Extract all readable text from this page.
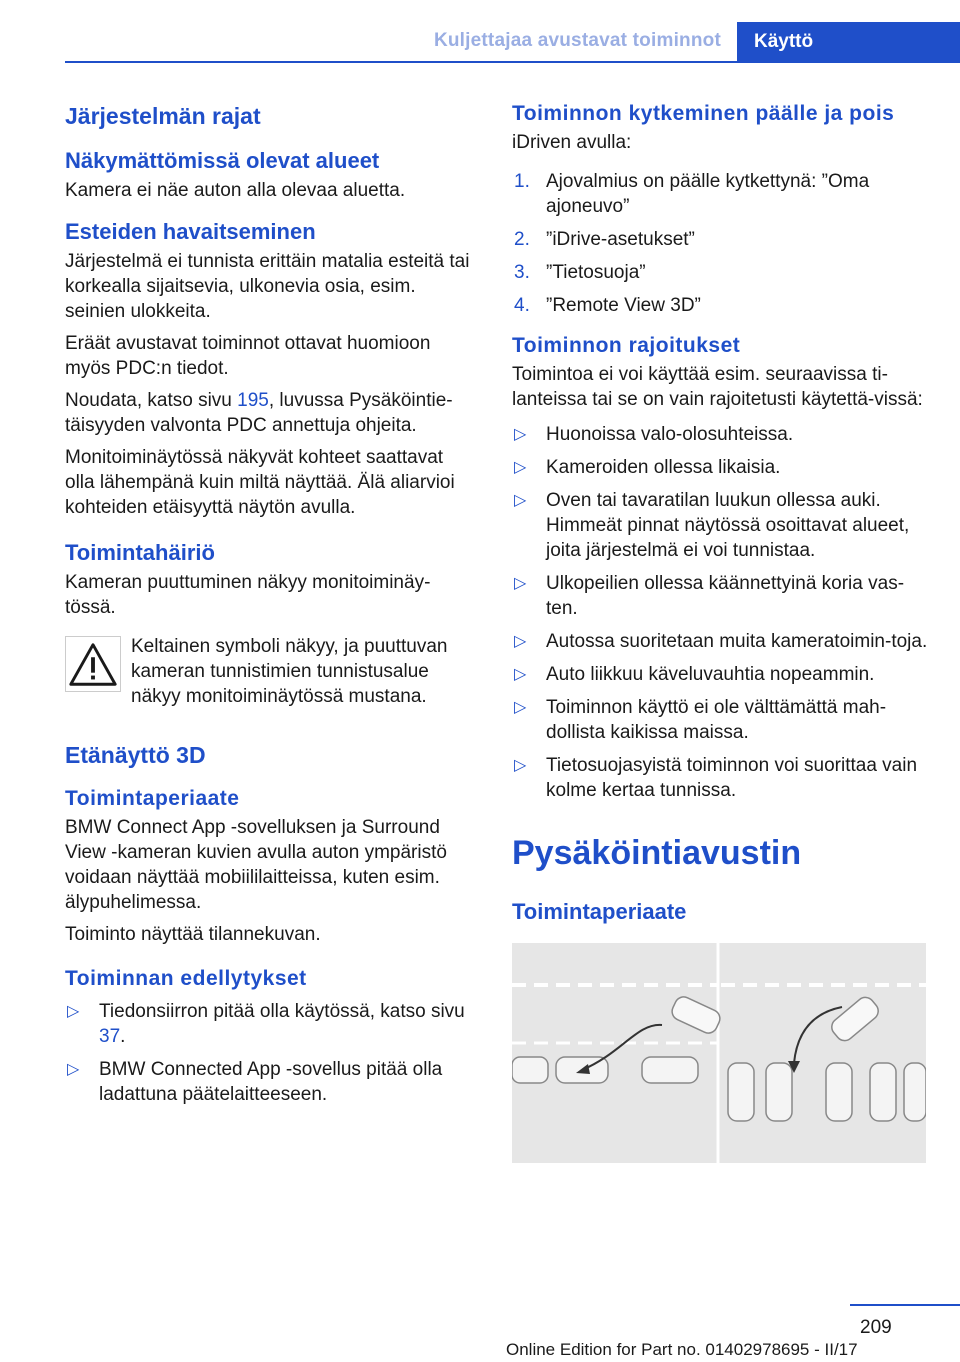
Kuljettajaa avustavat toiminnot	Käyttö
Järjestelmän rajat
Näkymättömissä olevat alueet

Kamera ei näe auton alla olevaa aluetta.

Esteiden havaitseminen

Järjestelmä ei tunnista erittäin matalia esteitä tai korkealla sijaitsevia, ulkonevia osia, esim. seinien ulokkeita.

Eräät avustavat toiminnot ottavat huomioon myös PDC:n tiedot.

Noudata, katso sivu 195, luvussa Pysäköintie‐täisyyden valvonta PDC annettuja ohjeita.

Monitoiminäytössä näkyvät kohteet saattavat olla lähempänä kuin miltä näyttää. Älä aliarvioi kohteiden etäisyyttä näytön avulla.

Toimintahäiriö

Kameran puuttuminen näkyy monitoiminäy‐tössä.

Keltainen symboli näkyy, ja puuttuvan kameran tunnistimien tunnistusalue näkyy monitoiminäytössä mustana.
Etänäyttö 3D
Toimintaperiaate

BMW Connect App -sovelluksen ja Surround View -kameran kuvien avulla auton ympäristö voidaan näyttää mobiililaitteissa, kuten esim. älypuhelimessa.

Toiminto näyttää tilannekuvan.

Toiminnan edellytykset
▷ Tiedonsiirron pitää olla käytössä, katso sivu 37.
▷ BMW Connected App -sovellus pitää olla ladattuna päätelaitteeseen.
Toiminnon kytkeminen päälle ja pois

iDriven avulla:

1. Ajovalmius on päälle kytkettynä: ”Oma ajoneuvo”
2. ”iDrive-asetukset”
3. ”Tietosuoja”
4. ”Remote View 3D”
Toiminnon rajoitukset

Toimintoa ei voi käyttää esim. seuraavissa ti‐lanteissa tai se on vain rajoitetusti käytettä‐vissä:

▷ Huonoissa valo-olosuhteissa.
▷ Kameroiden ollessa likaisia.
▷ Oven tai tavaratilan luukun ollessa auki. Himmeät pinnat näytössä osoittavat alueet, joita järjestelmä ei voi tunnistaa.
▷ Ulkopeilien ollessa käännettyinä koria vas‐ten.
▷ Autossa suoritetaan muita kameratoimin‐toja.
▷ Auto liikkuu käveluvauhtia nopeammin.
▷ Toiminnon käyttö ei ole välttämättä mah‐dollista kaikissa maissa.
▷ Tietosuojasyistä toiminnon voi suorittaa vain kolme kertaa tunnissa.
Pysäköintiavustin
Toimintaperiaate
209
Online Edition for Part no. 01402978695 - II/17
